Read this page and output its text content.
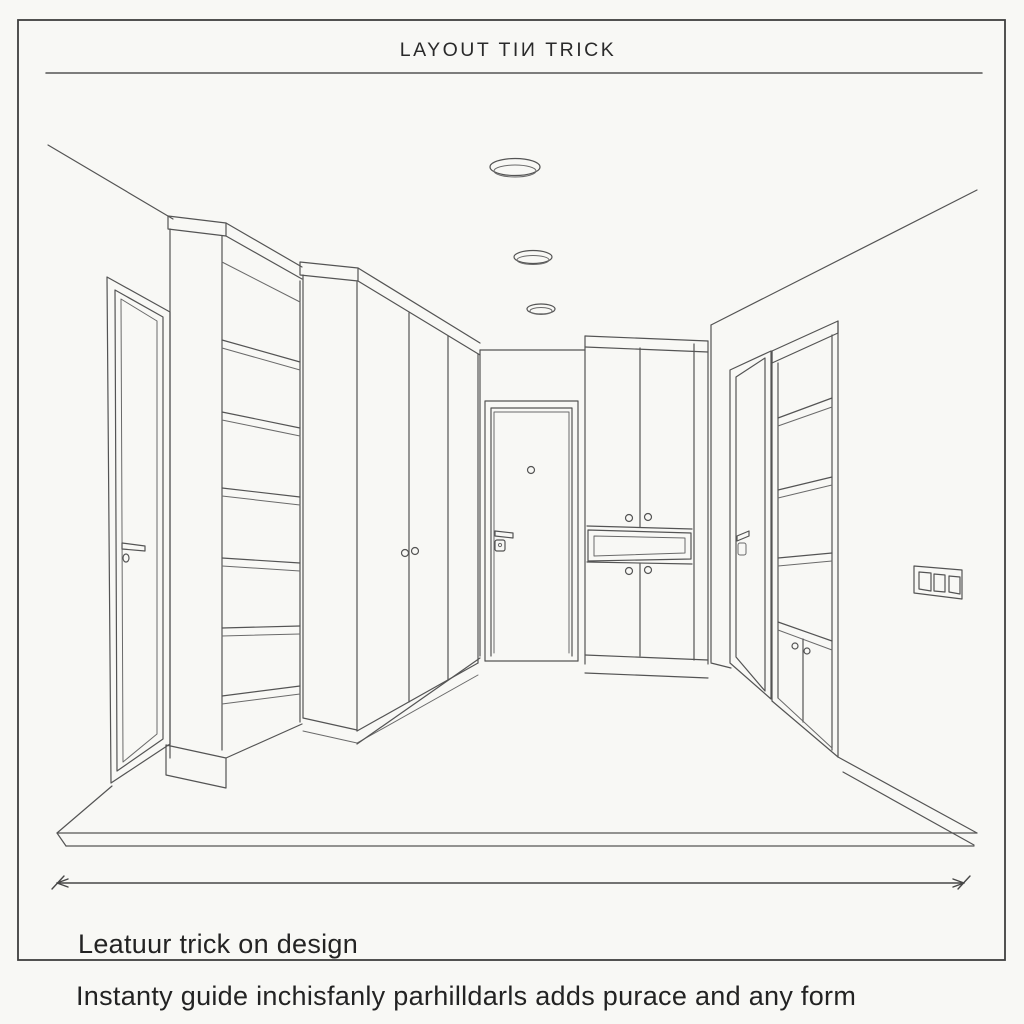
LAYOUT TIИ TRICK
Leatuur trick on design
Instanty guide inchisfanly parhilldarls adds purace and any form
